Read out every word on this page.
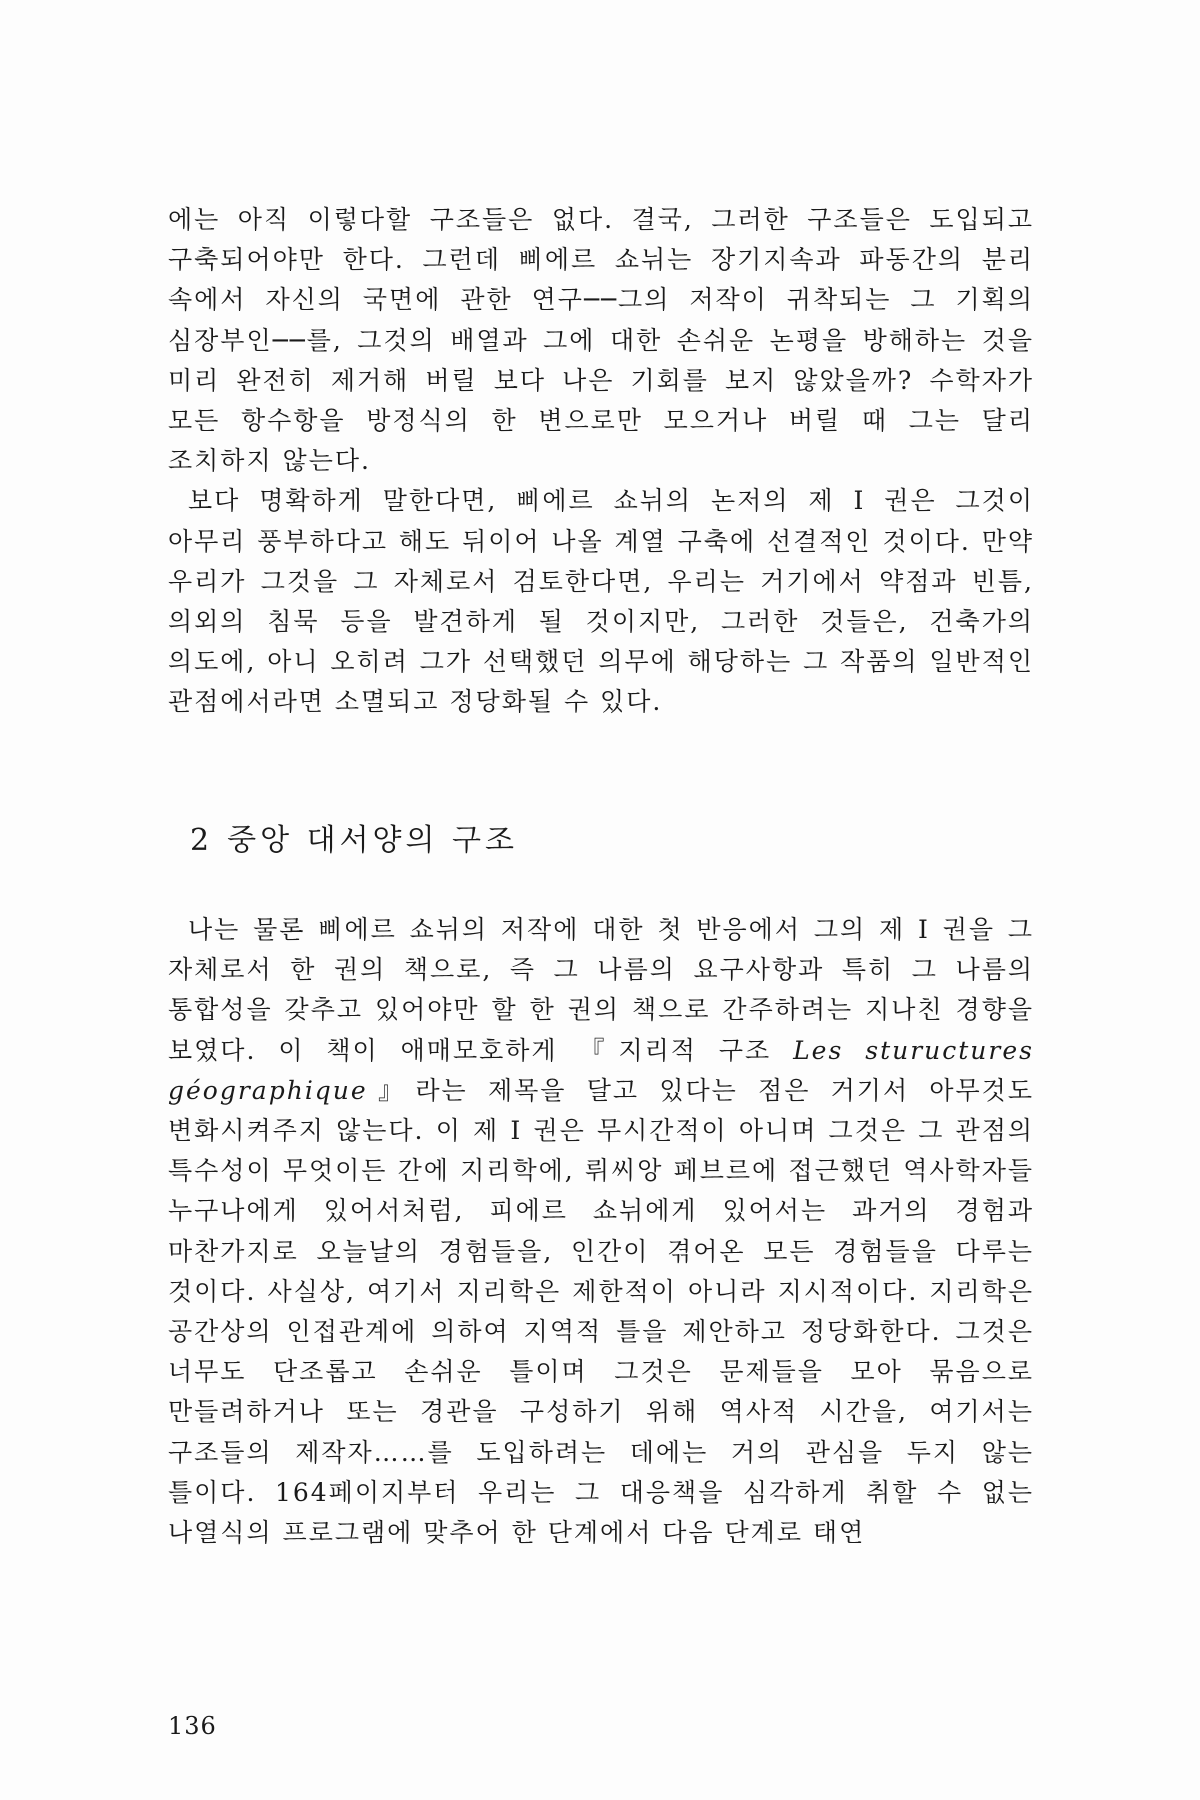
에는 아직 이렇다할 구조들은 없다. 결국, 그러한 구조들은 도입되고 구축되어야만 한다. 그런데 삐에르 쇼뉘는 장기지속과 파동간의 분리 속에서 자신의 국면에 관한 연구──그의 저작이 귀착되는 그 기획의 심장부인──를, 그것의 배열과 그에 대한 손쉬운 논평을 방해하는 것을 미리 완전히 제거해 버릴 보다 나은 기회를 보지 않았을까? 수학자가 모든 항수항을 방정식의 한 변으로만 모으거나 버릴 때 그는 달리 조치하지 않는다.

보다 명확하게 말한다면, 삐에르 쇼뉘의 논저의 제 I 권은 그것이 아무리 풍부하다고 해도 뒤이어 나올 계열 구축에 선결적인 것이다. 만약 우리가 그것을 그 자체로서 검토한다면, 우리는 거기에서 약점과 빈틈, 의외의 침묵 등을 발견하게 될 것이지만, 그러한 것들은, 건축가의 의도에, 아니 오히려 그가 선택했던 의무에 해당하는 그 작품의 일반적인 관점에서라면 소멸되고 정당화될 수 있다.

2 중앙 대서양의 구조

나는 물론 삐에르 쇼뉘의 저작에 대한 첫 반응에서 그의 제 I 권을 그 자체로서 한 권의 책으로, 즉 그 나름의 요구사항과 특히 그 나름의 통합성을 갖추고 있어야만 할 한 권의 책으로 간주하려는 지나친 경향을 보였다. 이 책이 애매모호하게 『지리적 구조 Les stuructures géographique』라는 제목을 달고 있다는 점은 거기서 아무것도 변화시켜주지 않는다. 이 제 I 권은 무시간적이 아니며 그것은 그 관점의 특수성이 무엇이든 간에 지리학에, 뤼씨앙 페브르에 접근했던 역사학자들 누구나에게 있어서처럼, 피에르 쇼뉘에게 있어서는 과거의 경험과 마찬가지로 오늘날의 경험들을, 인간이 겪어온 모든 경험들을 다루는 것이다. 사실상, 여기서 지리학은 제한적이 아니라 지시적이다. 지리학은 공간상의 인접관계에 의하여 지역적 틀을 제안하고 정당화한다. 그것은 너무도 단조롭고 손쉬운 틀이며 그것은 문제들을 모아 묶음으로 만들려하거나 또는 경관을 구성하기 위해 역사적 시간을, 여기서는 구조들의 제작자……를 도입하려는 데에는 거의 관심을 두지 않는 틀이다. 164페이지부터 우리는 그 대응책을 심각하게 취할 수 없는 나열식의 프로그램에 맞추어 한 단계에서 다음 단계로 태연

136
